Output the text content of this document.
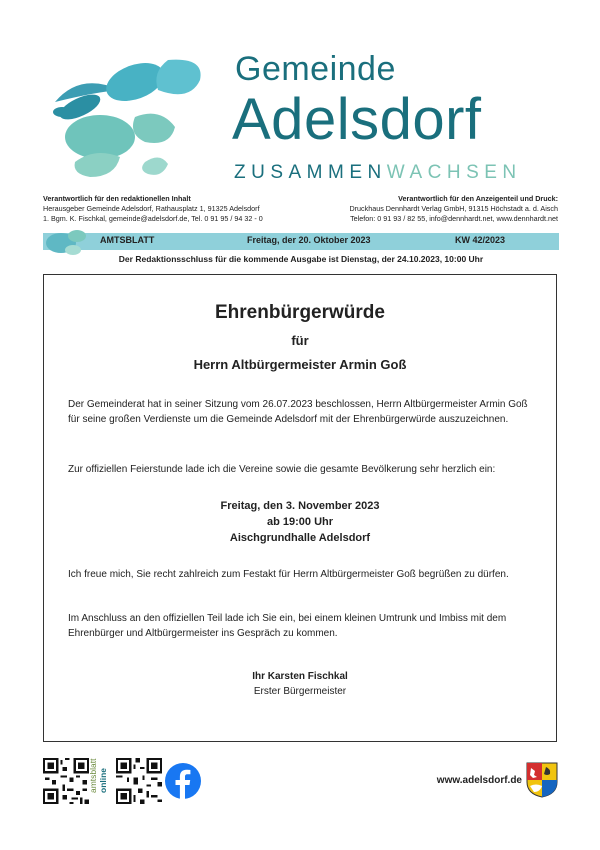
Gemeinde
Adelsdorf
ZUSAMMENWACHSEN
Verantwortlich für den redaktionellen Inhalt
Herausgeber Gemeinde Adelsdorf, Rathausplatz 1, 91325 Adelsdorf
1. Bgm. K. Fischkal, gemeinde@adelsdorf.de, Tel. 0 91 95 / 94 32 - 0
Verantwortlich für den Anzeigenteil und Druck:
Druckhaus Dennhardt Verlag GmbH, 91315 Höchstadt a. d. Aisch
Telefon: 0 91 93 / 82 55, info@dennhardt.net, www.dennhardt.net
AMTSBLATT	Freitag, der 20. Oktober 2023	KW 42/2023
Der Redaktionsschluss für die kommende Ausgabe ist Dienstag, der 24.10.2023, 10:00 Uhr
Ehrenbürgerwürde
für
Herrn Altbürgermeister Armin Goß
Der Gemeinderat hat in seiner Sitzung vom 26.07.2023 beschlossen, Herrn Altbürgermeister Armin Goß für seine großen Verdienste um die Gemeinde Adelsdorf mit der Ehrenbürgerwürde auszuzeichnen.
Zur offiziellen Feierstunde lade ich die Vereine sowie die gesamte Bevölkerung sehr herzlich ein:
Freitag, den 3. November 2023
ab 19:00 Uhr
Aischgrundhalle Adelsdorf
Ich freue mich, Sie recht zahlreich zum Festakt für Herrn Altbürgermeister Goß begrüßen zu dürfen.
Im Anschluss an den offiziellen Teil lade ich Sie ein, bei einem kleinen Umtrunk und Imbiss mit dem Ehrenbürger und Altbürgermeister ins Gespräch zu kommen.
Ihr Karsten Fischkal
Erster Bürgermeister
amtsblatt online	www.adelsdorf.de
